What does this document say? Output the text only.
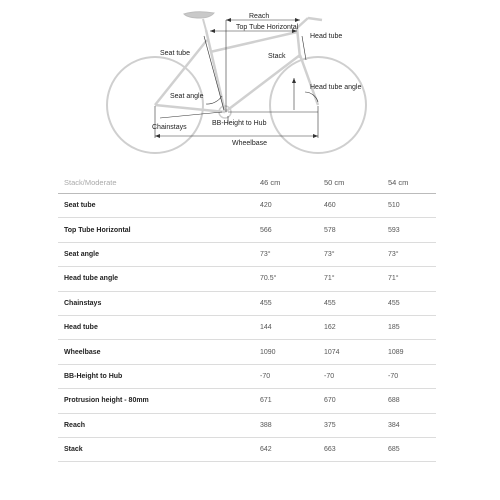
Reach
Top Tube Horizontal
Head tube
Seat tube	Stack
Head tube angle
Seat angle
BB-Height to Hub
Chainstays
Wheelbase
Stack/Moderate	46 cm	50 cm	54 cm
Seat tube	420	460	510
Top Tube Horizontal	566	578	593
Seat angle	73°	73°	73°
Head tube angle	70.5°	71°	71°
Chainstays	455	455	455
Head tube	144	162	185
Wheelbase	1090	1074	1089
BB-Height to Hub	-70	-70	-70
Protrusion height - 80mm	671	670	688
Reach	388	375	384
Stack	642	663	685
